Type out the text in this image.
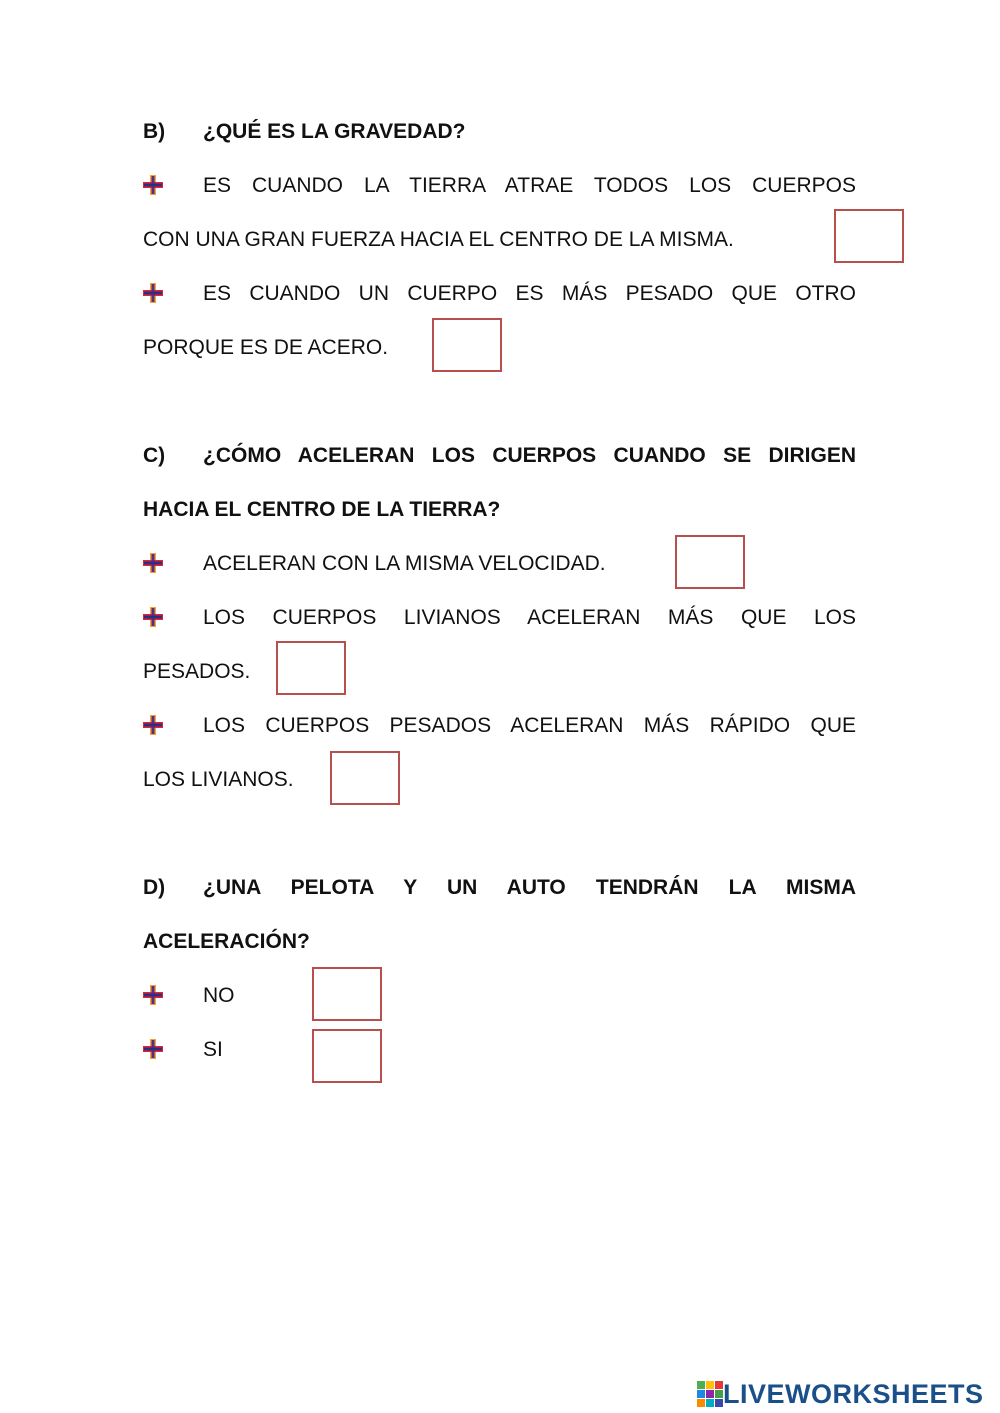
B) ¿QUÉ ES LA GRAVEDAD?
ES CUANDO LA TIERRA ATRAE TODOS LOS CUERPOS
CON UNA GRAN FUERZA HACIA EL CENTRO DE LA MISMA.
ES CUANDO UN CUERPO ES MÁS PESADO QUE OTRO
PORQUE ES DE ACERO.
C)	¿CÓMO ACELERAN LOS CUERPOS CUANDO SE DIRIGEN
HACIA EL CENTRO DE LA TIERRA?
ACELERAN CON LA MISMA VELOCIDAD.
LOS CUERPOS LIVIANOS ACELERAN MÁS QUE LOS
PESADOS.
LOS CUERPOS PESADOS ACELERAN MÁS RÁPIDO QUE
LOS LIVIANOS.
D)	¿UNA PELOTA Y UN AUTO TENDRÁN LA MISMA
ACELERACIÓN?
NO
SI
LIVEWORKSHEETS
